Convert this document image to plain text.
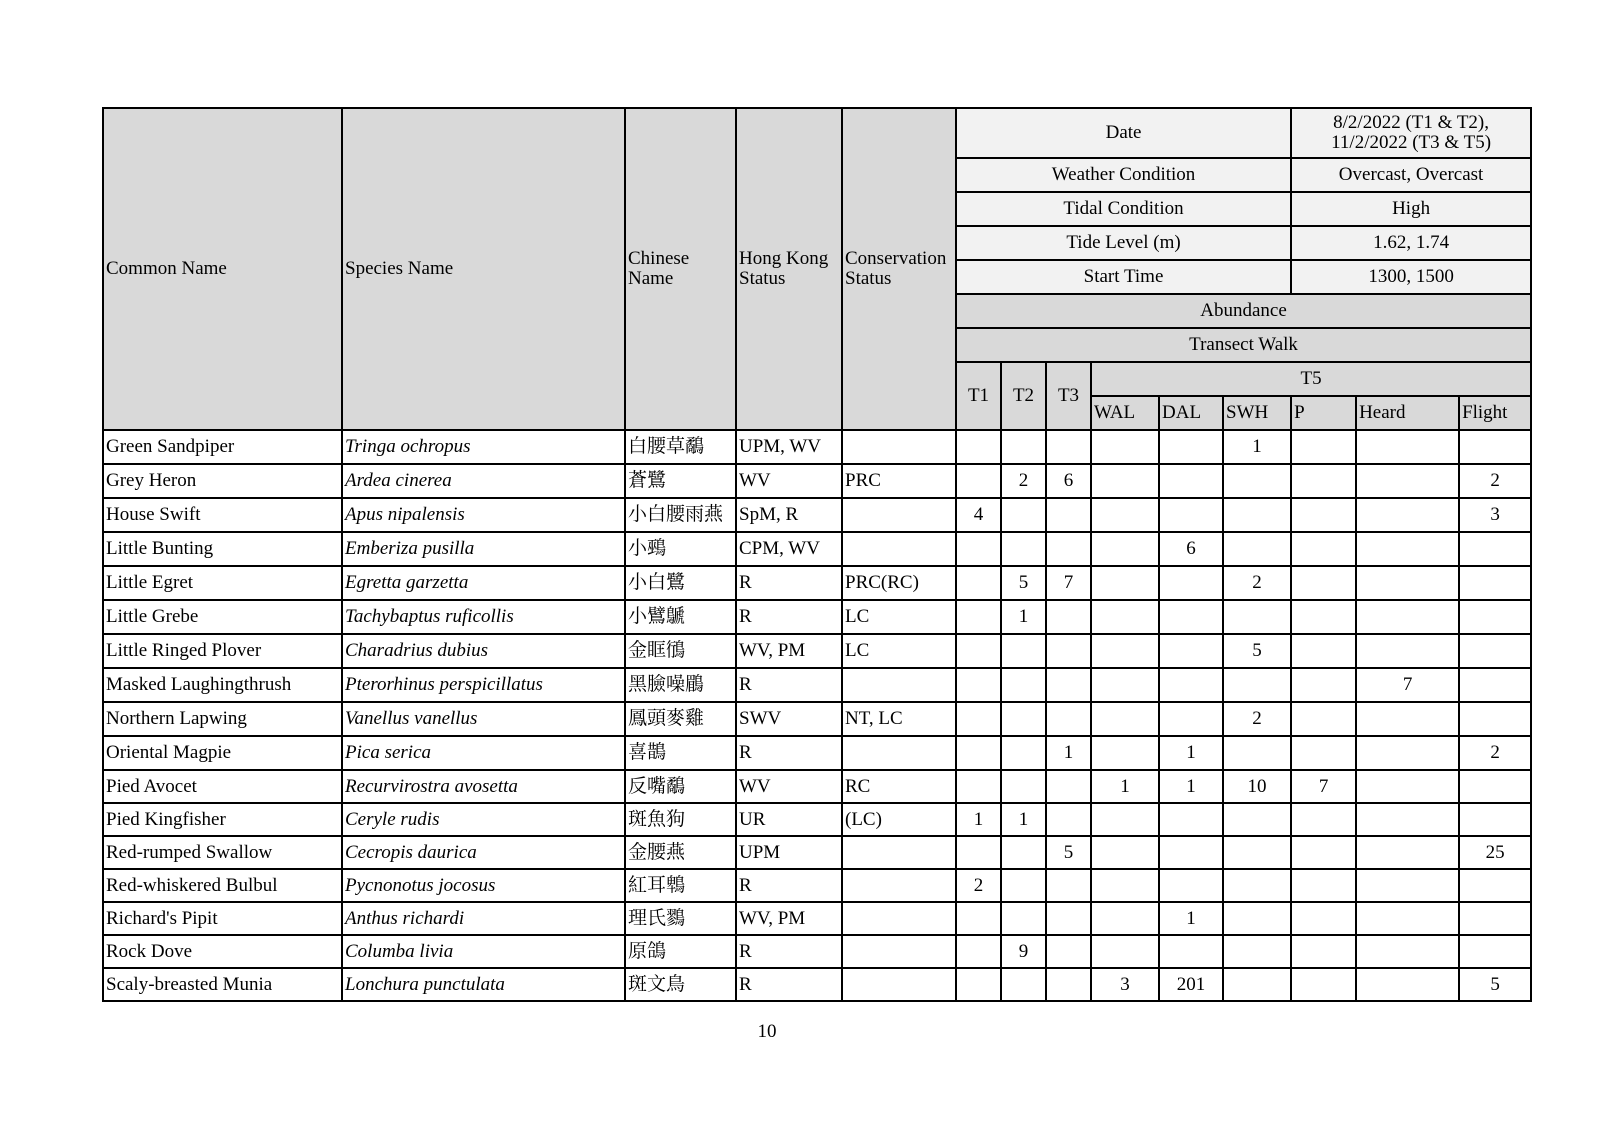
Common Name	Species Name	Chinese Name	Hong Kong Status	Conservation Status	Date						8/2/2022 (T1 & T2), 11/2/2022 (T3 & T5)		
					Weather Condition						Overcast, Overcast		
					Tidal Condition						High		
					Tide Level (m)						1.62, 1.74		
					Start Time						1300, 1500		
					Abundance								
					Transect Walk								
					T1	T2	T3	T5					
								WAL	DAL	SWH	P	Heard	Flight
Green Sandpiper	Tringa ochropus	白腰草鷸	UPM, WV							1			
Grey Heron	Ardea cinerea	蒼鷺	WV	PRC		2	6						2
House Swift	Apus nipalensis	小白腰雨燕	SpM, R		4								3
Little Bunting	Emberiza pusilla	小鵐	CPM, WV						6				
Little Egret	Egretta garzetta	小白鷺	R	PRC(RC)		5	7			2			
Little Grebe	Tachybaptus ruficollis	小鷿鷈	R	LC		1							
Little Ringed Plover	Charadrius dubius	金眶鴴	WV, PM	LC						5			
Masked Laughingthrush	Pterorhinus perspicillatus	黑臉噪鶥	R									7	
Northern Lapwing	Vanellus vanellus	鳳頭麥雞	SWV	NT, LC						2			
Oriental Magpie	Pica serica	喜鵲	R				1		1				2
Pied Avocet	Recurvirostra avosetta	反嘴鷸	WV	RC				1	1	10	7		
Pied Kingfisher	Ceryle rudis	斑魚狗	UR	(LC)	1	1							
Red-rumped Swallow	Cecropis daurica	金腰燕	UPM				5						25
Red-whiskered Bulbul	Pycnonotus jocosus	紅耳鵯	R		2								
Richard's Pipit	Anthus richardi	理氏鷚	WV, PM						1				
Rock Dove	Columba livia	原鴿	R			9							
Scaly-breasted Munia	Lonchura punctulata	斑文鳥	R					3	201				5
10
